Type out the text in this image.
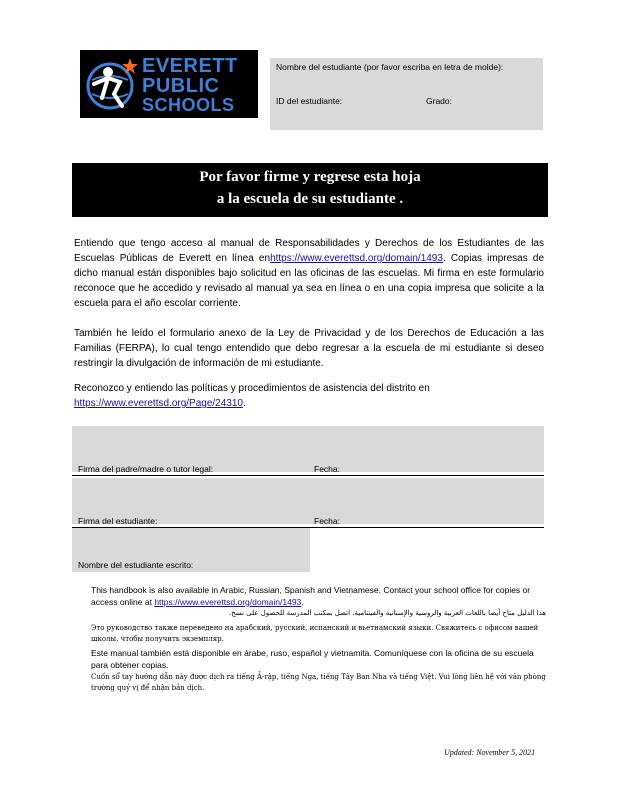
EVERETT
PUBLIC
SCHOOLS
Nombre del estudiante (por favor escriba en letra de molde):
ID del estudiante:	Grado:
Por favor firme y regrese esta hoja
a la escuela de su estudiante .
Entiendo que tengo acceso al manual de Responsabilidades y Derechos de los Estudiantes de las Escuelas Públicas de Everett en línea enhttps://www.everettsd.org/domain/1493. Copias impresas de dicho manual están disponibles bajo solicitud en las oficinas de las escuelas. Mi firma en este formulario reconoce que he accedido y revisado al manual ya sea en línea o en una copia impresa que solicite a la escuela para el año escolar corriente.
También he leído el formulario anexo de la Ley de Privacidad y de los Derechos de Educación a las Familias (FERPA), lo cual tengo entendido que debo regresar a la escuela de mi estudiante si deseo restringir la divulgación de información de mi estudiante.
Reconozco y entiendo las políticas y procedimientos de asistencia del distrito en
https://www.everettsd.org/Page/24310.
Firma del padre/madre o tutor legal:	Fecha:
Firma del estudiante:	Fecha:
Nombre del estudiante escrito:
This handbook is also available in Arabic, Russian, Spanish and Vietnamese. Contact your school office for copies or access online at https://www.everettsd.org/domain/1493.
هذا الدليل متاح أيضا باللغات العربية والروسية والإسبانية والفيتنامية. اتصل بمكتب المدرسة للحصول على نسخ.
Это руководство также переведено на арабский, русский, испанский и вьетнамский языки. Свяжитесь с офисом вашей школы, чтобы получить экземпляр.
Este manual también está disponible en árabe, ruso, español y vietnamita. Comuníquese con la oficina de su escuela para obtener copias.
Cuốn sổ tay hướng dẫn này được dịch ra tiếng Ả-rập, tiếng Nga, tiếng Tây Ban Nha và tiếng Việt. Vui lòng liên hệ với văn phòng trường quý vị để nhận bản dịch.
Updated: November 5, 2021
